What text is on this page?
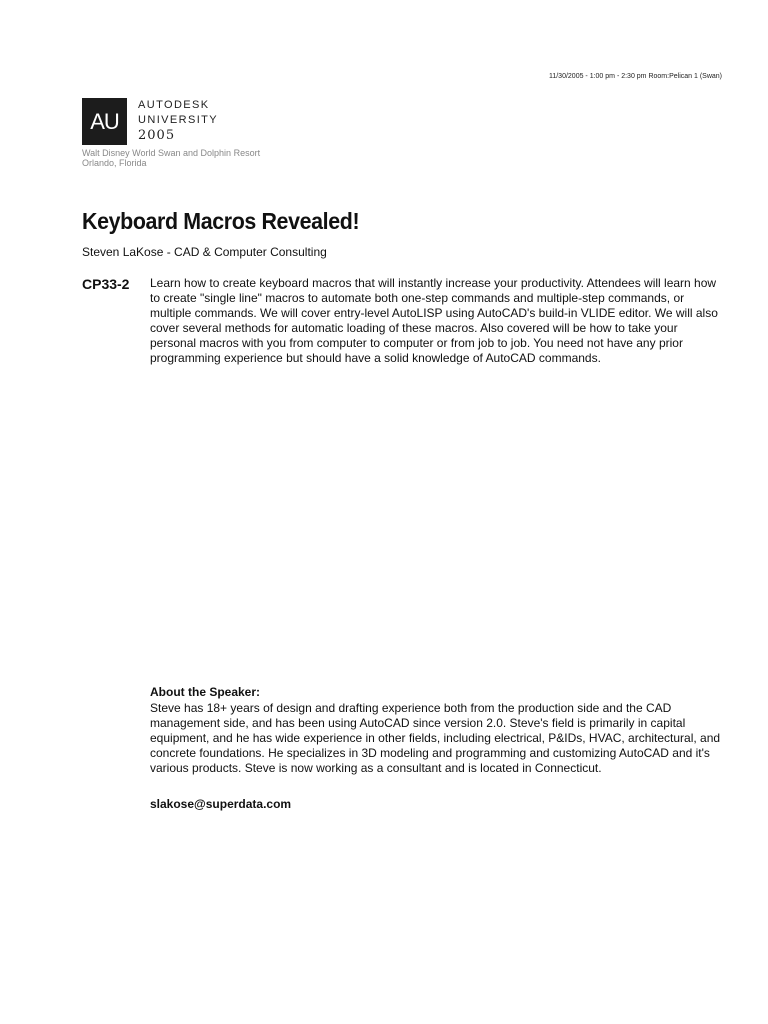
11/30/2005 - 1:00 pm - 2:30 pm Room:Pelican 1 (Swan)
AU
AUTODESK
UNIVERSITY
2005
Walt Disney World Swan and Dolphin Resort
Orlando, Florida
Keyboard Macros Revealed!
Steven LaKose - CAD & Computer Consulting
CP33-2 Learn how to create keyboard macros that will instantly increase your productivity. Attendees will learn how to create "single line" macros to automate both one-step commands and multiple-step commands, or multiple commands. We will cover entry-level AutoLISP using AutoCAD's build-in VLIDE editor. We will also cover several methods for automatic loading of these macros. Also covered will be how to take your personal macros with you from computer to computer or from job to job. You need not have any prior programming experience but should have a solid knowledge of AutoCAD commands.

About the Speaker:

Steve has 18+ years of design and drafting experience both from the production side and the CAD management side, and has been using AutoCAD since version 2.0. Steve's field is primarily in capital equipment, and he has wide experience in other fields, including electrical, P&IDs, HVAC, architectural, and concrete foundations. He specializes in 3D modeling and programming and customizing AutoCAD and it's various products. Steve is now working as a consultant and is located in Connecticut.

slakose@superdata.com
